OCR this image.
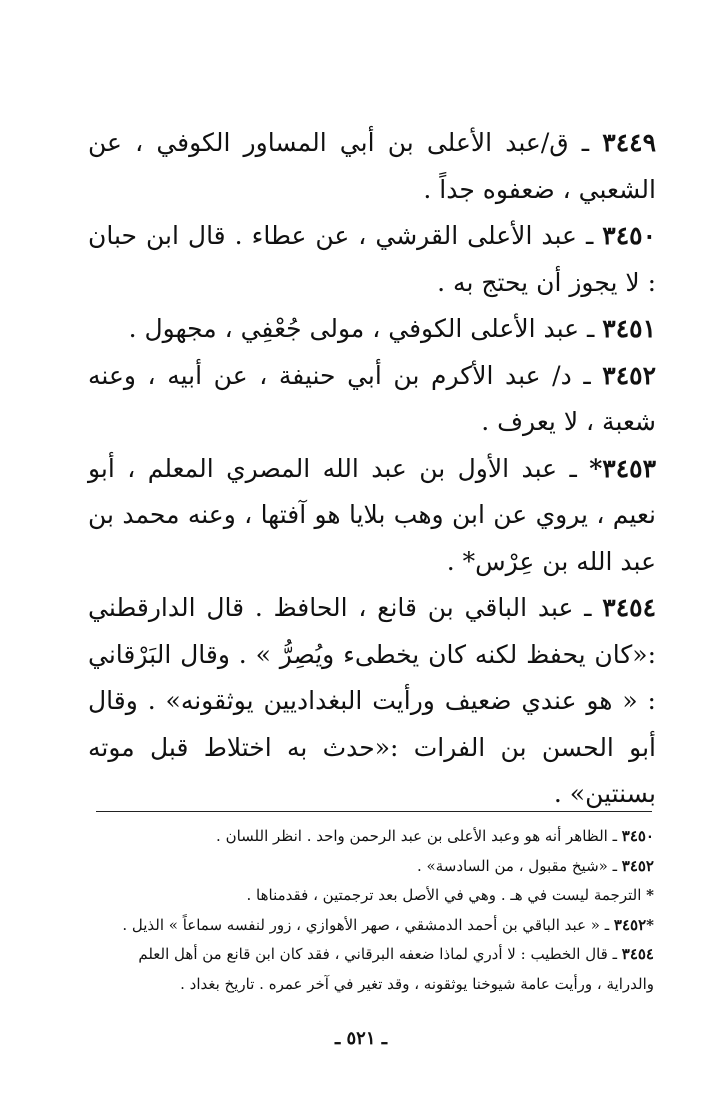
٣٤٤٩ ـ ق/عبد الأعلى بن أبي المساور الكوفي ، عن الشعبي ، ضعفوه جداً .

٣٤٥٠ ـ عبد الأعلى القرشي ، عن عطاء . قال ابن حبان : لا يجوز أن يحتج به .

٣٤٥١ ـ عبد الأعلى الكوفي ، مولى جُعْفِي ، مجهول .

٣٤٥٢ ـ د/ عبد الأكرم بن أبي حنيفة ، عن أبيه ، وعنه شعبة ، لا يعرف .

٣٤٥٣* ـ عبد الأول بن عبد الله المصري المعلم ، أبو نعيم ، يروي عن ابن وهب بلايا هو آفتها ، وعنه محمد بن عبد الله بن عِرْس* .

٣٤٥٤ ـ عبد الباقي بن قانع ، الحافظ . قال الدارقطني :«كان يحفظ لكنه كان يخطىء ويُصِرُّ » . وقال البَرْقاني : « هو عندي ضعيف ورأيت البغداديين يوثقونه» . وقال أبو الحسن بن الفرات :«حدث به اختلاط قبل موته بسنتين» .

٣٤٥٠ ـ الظاهر أنه هو وعبد الأعلى بن عبد الرحمن واحد . انظر اللسان .

٣٤٥٢ ـ «شيخ مقبول ، من السادسة» .

* الترجمة ليست في هـ . وهي في الأصل بعد ترجمتين ، فقدمناها .

*٣٤٥٢ ـ « عبد الباقي بن أحمد الدمشقي ، صهر الأهوازي ، زور لنفسه سماعاً » الذيل .

٣٤٥٤ ـ قال الخطيب : لا أدري لماذا ضعفه البرقاني ، فقد كان ابن قانع من أهل العلم

والدراية ، ورأيت عامة شيوخنا يوثقونه ، وقد تغير في آخر عمره . تاريخ بغداد .

ـ ٥٢١ ـ
